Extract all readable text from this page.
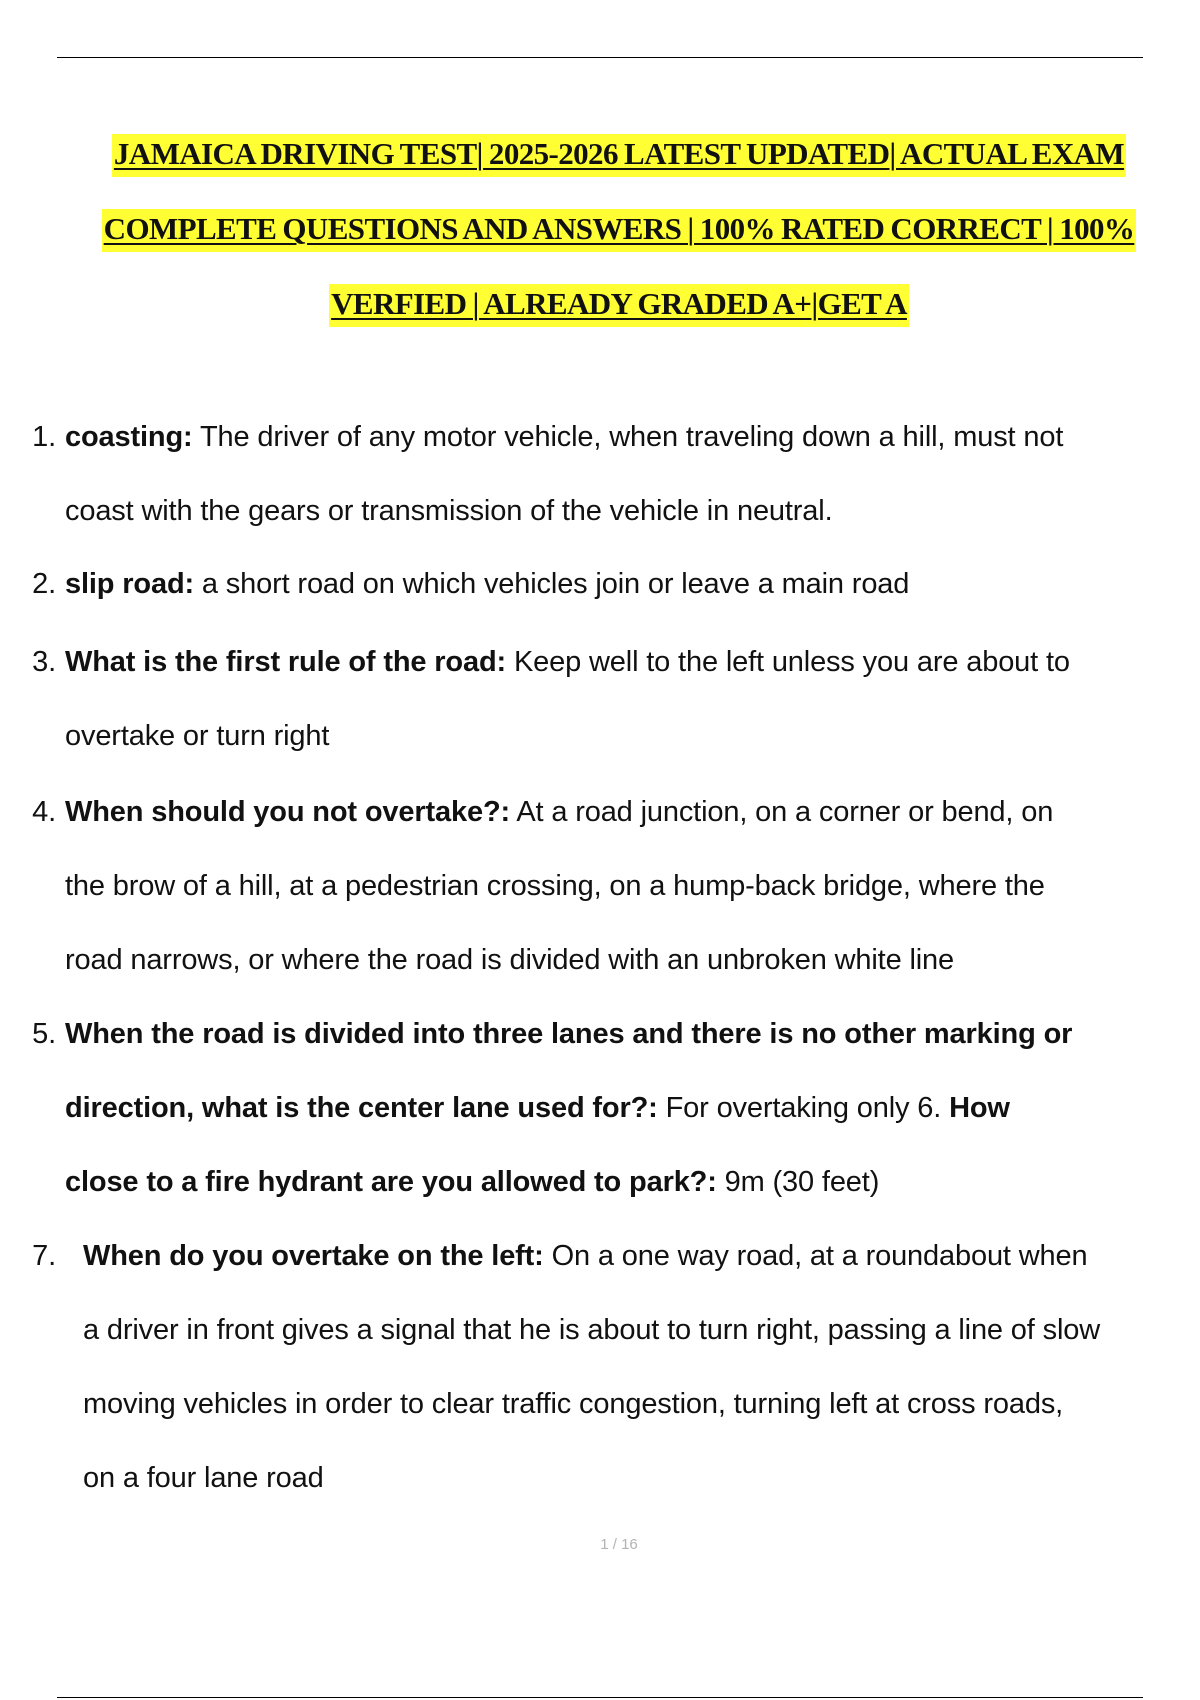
JAMAICA DRIVING TEST| 2025-2026 LATEST UPDATED| ACTUAL EXAM
COMPLETE QUESTIONS AND ANSWERS | 100% RATED CORRECT | 100%
VERFIED | ALREADY GRADED A+|GET A
1. coasting: The driver of any motor vehicle, when traveling down a hill, must not
coast with the gears or transmission of the vehicle in neutral.
2. slip road: a short road on which vehicles join or leave a main road
3. What is the first rule of the road: Keep well to the left unless you are about to
overtake or turn right
4. When should you not overtake?: At a road junction, on a corner or bend, on
the brow of a hill, at a pedestrian crossing, on a hump-back bridge, where the
road narrows, or where the road is divided with an unbroken white line
5. When the road is divided into three lanes and there is no other marking or
direction, what is the center lane used for?: For overtaking only 6. How
close to a fire hydrant are you allowed to park?: 9m (30 feet)
7. When do you overtake on the left: On a one way road, at a roundabout when
a driver in front gives a signal that he is about to turn right, passing a line of slow
moving vehicles in order to clear traffic congestion, turning left at cross roads,
on a four lane road
1 / 16
